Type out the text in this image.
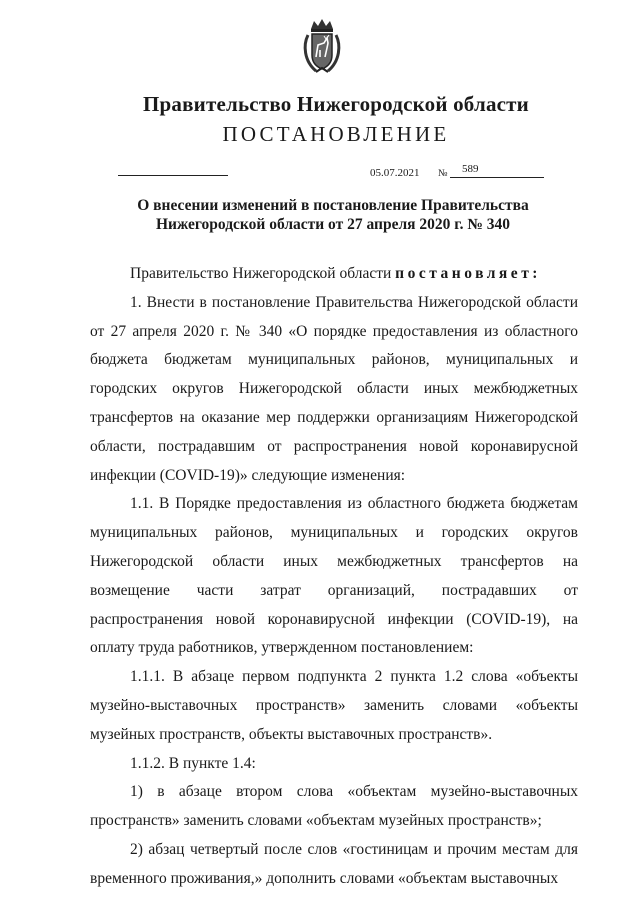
Правительство Нижегородской области
ПОСТАНОВЛЕНИЕ
05.07.2021 № 589
О внесении изменений в постановление Правительства
Нижегородской области от 27 апреля 2020 г. № 340

Правительство Нижегородской области постановляет:

1. Внести в постановление Правительства Нижегородской области от 27 апреля 2020 г. № 340 «О порядке предоставления из областного бюджета бюджетам муниципальных районов, муниципальных и городских округов Нижегородской области иных межбюджетных трансфертов на оказание мер поддержки организациям Нижегородской области, пострадавшим от распространения новой коронавирусной инфекции (COVID-19)» следующие изменения:

1.1. В Порядке предоставления из областного бюджета бюджетам муниципальных районов, муниципальных и городских округов Нижегородской области иных межбюджетных трансфертов на возмещение части затрат организаций, пострадавших от распространения новой коронавирусной инфекции (COVID-19), на оплату труда работников, утвержденном постановлением:

1.1.1. В абзаце первом подпункта 2 пункта 1.2 слова «объекты музейно-выставочных пространств» заменить словами «объекты музейных пространств, объекты выставочных пространств».

1.1.2. В пункте 1.4:

1) в абзаце втором слова «объектам музейно-выставочных пространств» заменить словами «объектам музейных пространств»;

2) абзац четвертый после слов «гостиницам и прочим местам для временного проживания,» дополнить словами «объектам выставочных
